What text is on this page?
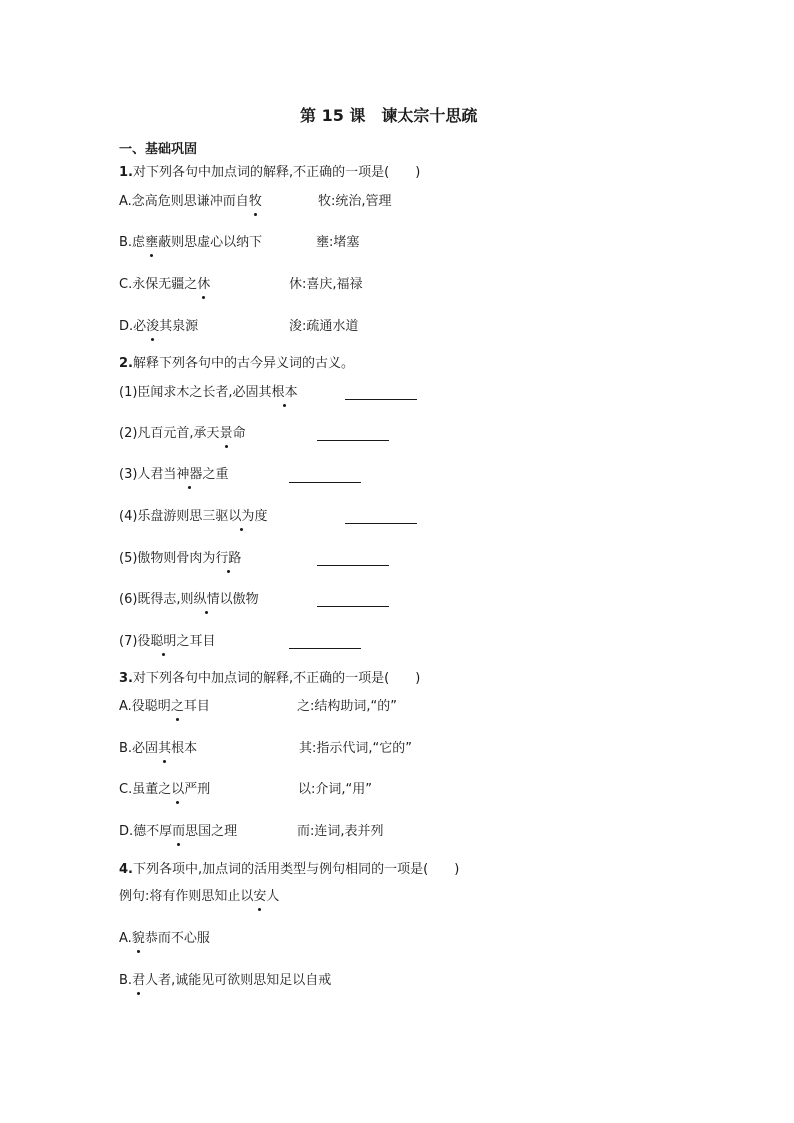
第 15 课　谏太宗十思疏
一、基础巩固
1.对下列各句中加点词的解释,不正确的一项是(　　)
A.念高危则思谦冲而自牧	牧:统治,管理
B.虑壅蔽则思虚心以纳下	壅:堵塞
C.永保无疆之休	休:喜庆,福禄
D.必浚其泉源	浚:疏通水道
2.解释下列各句中的古今异义词的古义。
(1)臣闻求木之长者,必固其根本
(2)凡百元首,承天景命
(3)人君当神器之重
(4)乐盘游则思三驱以为度
(5)傲物则骨肉为行路
(6)既得志,则纵情以傲物
(7)役聪明之耳目
3.对下列各句中加点词的解释,不正确的一项是(　　)
A.役聪明之耳目	之:结构助词,“的”
B.必固其根本	其:指示代词,“它的”
C.虽董之以严刑	以:介词,“用”
D.德不厚而思国之理	而:连词,表并列
4.下列各项中,加点词的活用类型与例句相同的一项是(　　)
例句:将有作则思知止以安人
A.貌恭而不心服
B.君人者,诚能见可欲则思知足以自戒
